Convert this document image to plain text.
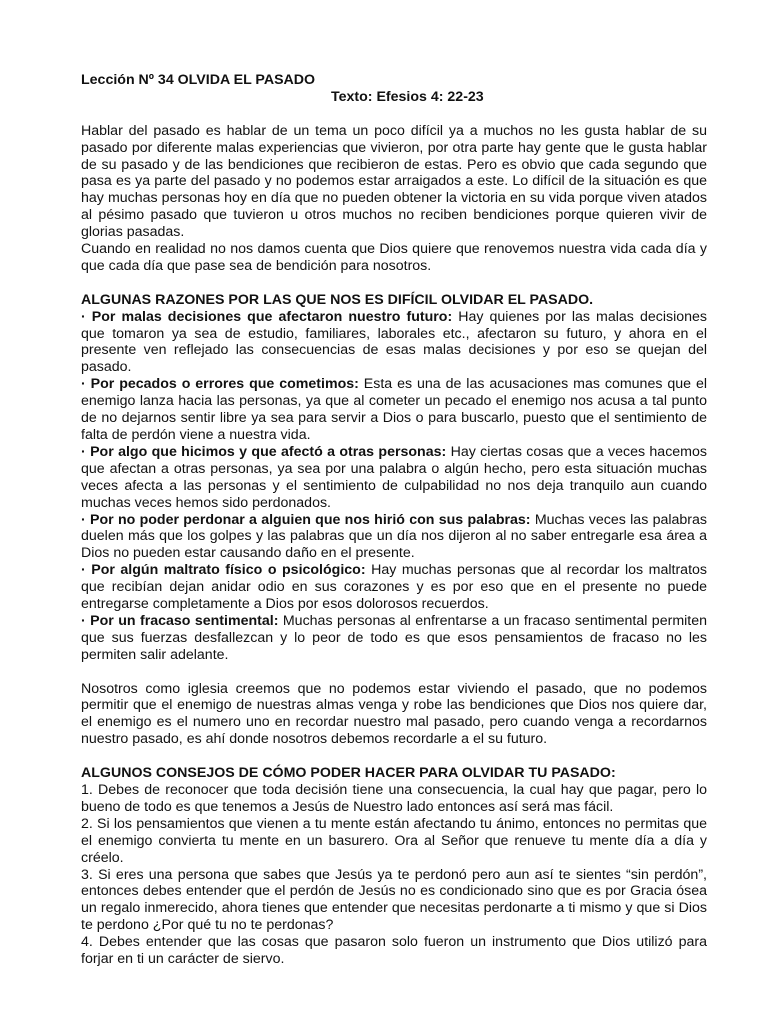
Lección Nº 34 OLVIDA EL PASADO
Texto: Efesios 4: 22-23

Hablar del pasado es hablar de un tema un poco difícil ya a muchos no les gusta hablar de su pasado por diferente malas experiencias que vivieron, por otra parte hay gente que le gusta hablar de su pasado y de las bendiciones que recibieron de estas. Pero es obvio que cada segundo que pasa es ya parte del pasado y no podemos estar arraigados a este. Lo difícil de la situación es que hay muchas personas hoy en día que no pueden obtener la victoria en su vida porque viven atados al pésimo pasado que tuvieron u otros muchos no reciben bendiciones porque quieren vivir de glorias pasadas.

Cuando en realidad no nos damos cuenta que Dios quiere que renovemos nuestra vida cada día y que cada día que pase sea de bendición para nosotros.

ALGUNAS RAZONES POR LAS QUE NOS ES DIFÍCIL OLVIDAR EL PASADO.

· Por malas decisiones que afectaron nuestro futuro: Hay quienes por las malas decisiones que tomaron ya sea de estudio, familiares, laborales etc., afectaron su futuro, y ahora en el presente ven reflejado las consecuencias de esas malas decisiones y por eso se quejan del pasado.

· Por pecados o errores que cometimos: Esta es una de las acusaciones mas comunes que el enemigo lanza hacia las personas, ya que al cometer un pecado el enemigo nos acusa a tal punto de no dejarnos sentir libre ya sea para servir a Dios o para buscarlo, puesto que el sentimiento de falta de perdón viene a nuestra vida.

· Por algo que hicimos y que afectó a otras personas: Hay ciertas cosas que a veces hacemos que afectan a otras personas, ya sea por una palabra o algún hecho, pero esta situación muchas veces afecta a las personas y el sentimiento de culpabilidad no nos deja tranquilo aun cuando muchas veces hemos sido perdonados.

· Por no poder perdonar a alguien que nos hirió con sus palabras: Muchas veces las palabras duelen más que los golpes y las palabras que un día nos dijeron al no saber entregarle esa área a Dios no pueden estar causando daño en el presente.

· Por algún maltrato físico o psicológico: Hay muchas personas que al recordar los maltratos que recibían dejan anidar odio en sus corazones y es por eso que en el presente no puede entregarse completamente a Dios por esos dolorosos recuerdos.

· Por un fracaso sentimental: Muchas personas al enfrentarse a un fracaso sentimental permiten que sus fuerzas desfallezcan y lo peor de todo es que esos pensamientos de fracaso no les permiten salir adelante.

Nosotros como iglesia creemos que no podemos estar viviendo el pasado, que no podemos permitir que el enemigo de nuestras almas venga y robe las bendiciones que Dios nos quiere dar, el enemigo es el numero uno en recordar nuestro mal pasado, pero cuando venga a recordarnos nuestro pasado, es ahí donde nosotros debemos recordarle a el su futuro.

ALGUNOS CONSEJOS DE CÓMO PODER HACER PARA OLVIDAR TU PASADO:

1. Debes de reconocer que toda decisión tiene una consecuencia, la cual hay que pagar, pero lo bueno de todo es que tenemos a Jesús de Nuestro lado entonces así será mas fácil.

2. Si los pensamientos que vienen a tu mente están afectando tu ánimo, entonces no permitas que el enemigo convierta tu mente en un basurero. Ora al Señor que renueve tu mente día a día y créelo.

3. Si eres una persona que sabes que Jesús ya te perdonó pero aun así te sientes “sin perdón”, entonces debes entender que el perdón de Jesús no es condicionado sino que es por Gracia ósea un regalo inmerecido, ahora tienes que entender que necesitas perdonarte a ti mismo y que si Dios te perdono ¿Por qué tu no te perdonas?

4. Debes entender que las cosas que pasaron solo fueron un instrumento que Dios utilizó para forjar en ti un carácter de siervo.
